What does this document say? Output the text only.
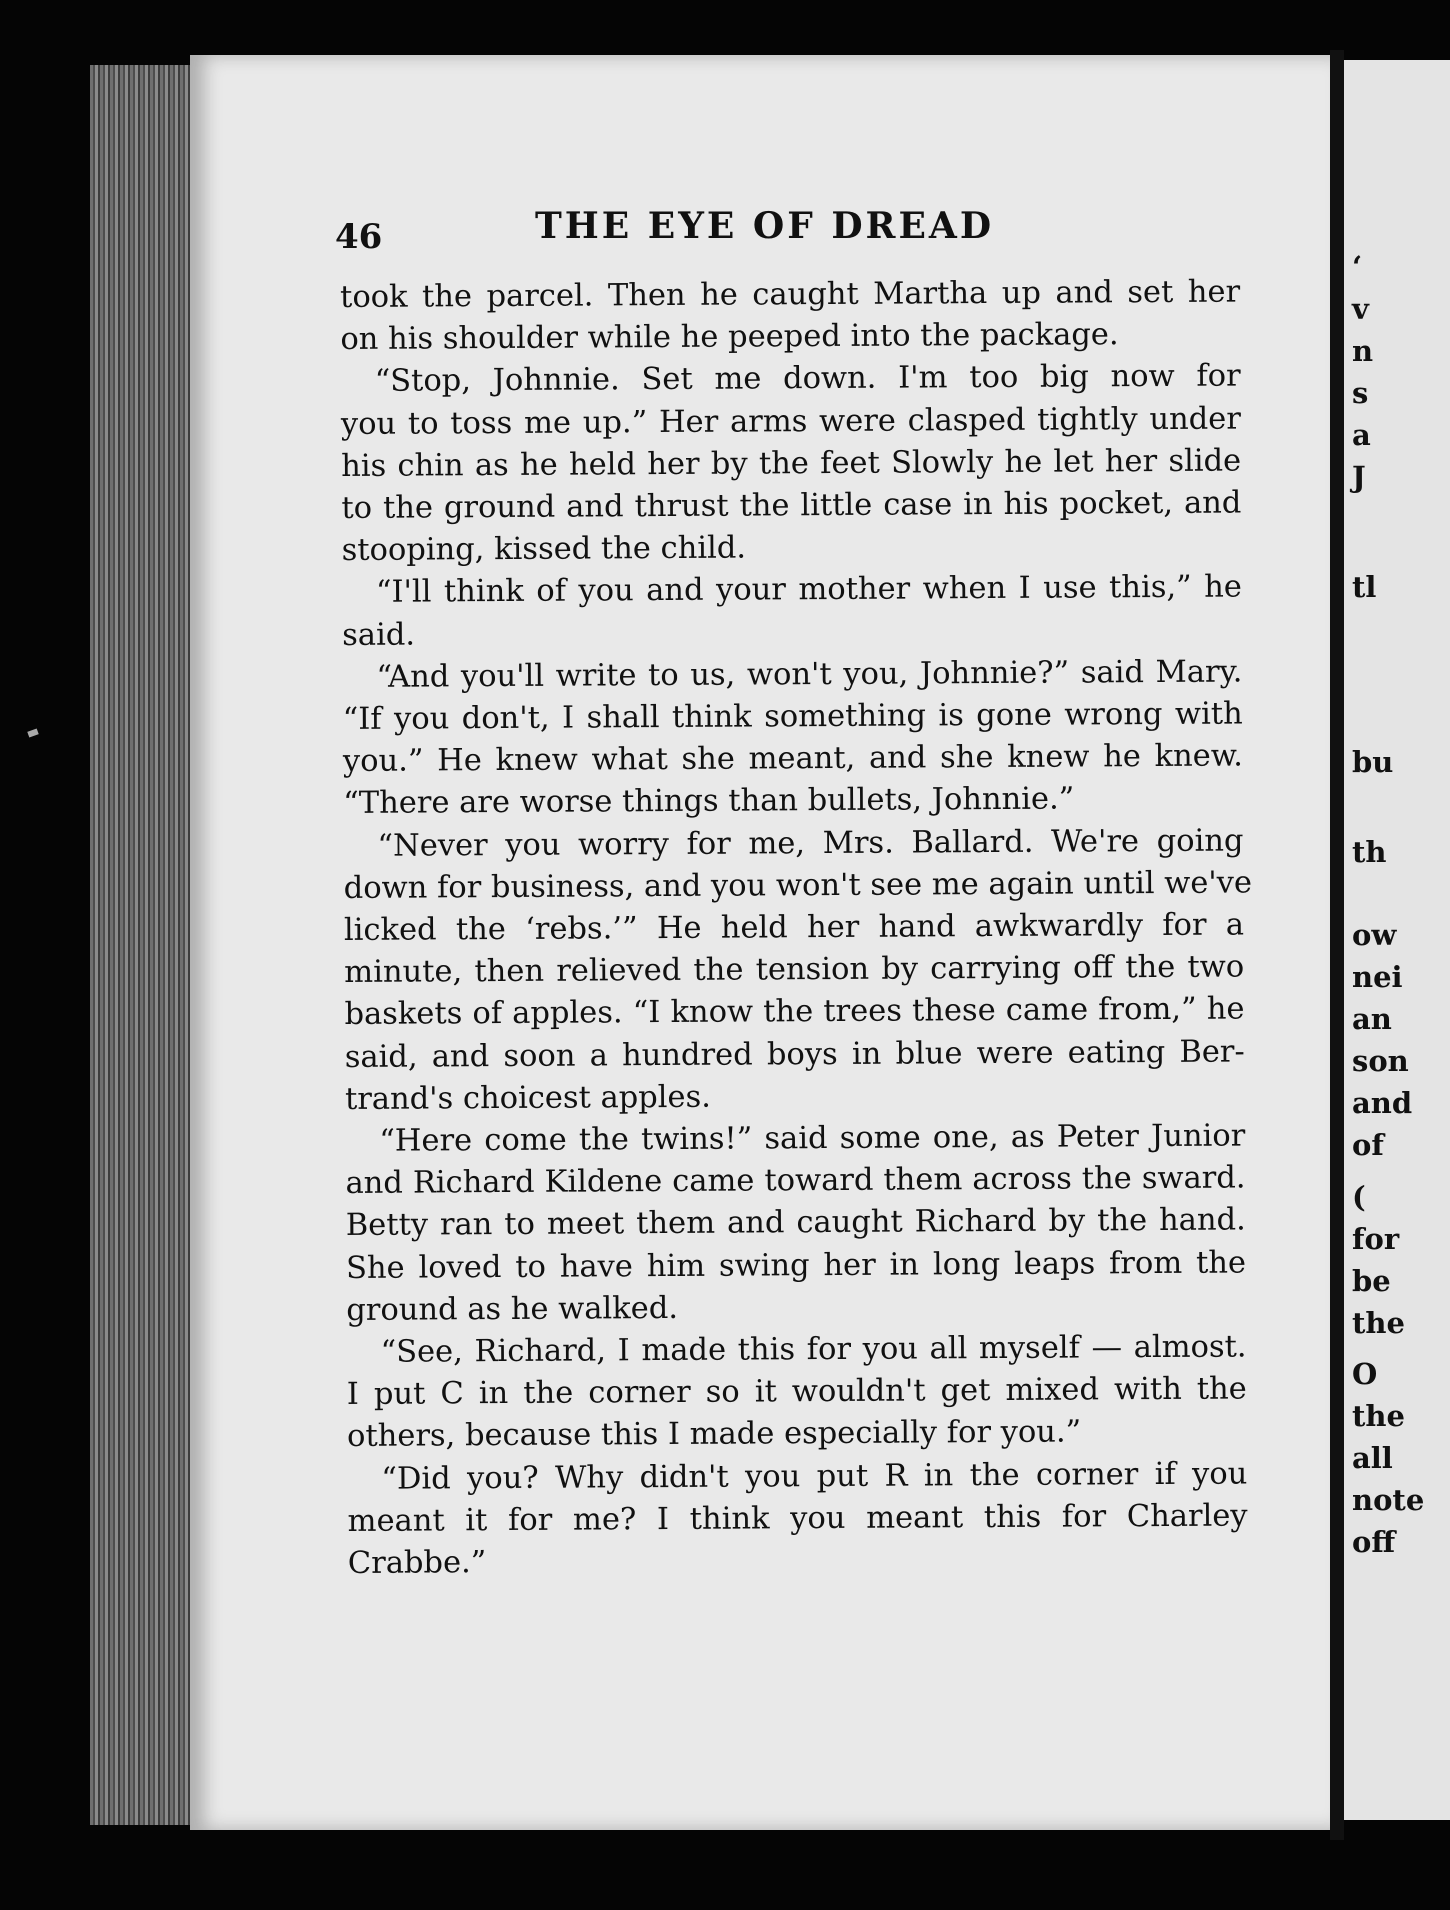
46	THE EYE OF DREAD
took the parcel. Then he caught Martha up and set her
on his shoulder while he peeped into the package.
“Stop, Johnnie. Set me down. I'm too big now for
you to toss me up.” Her arms were clasped tightly under
his chin as he held her by the feet Slowly he let her slide
to the ground and thrust the little case in his pocket, and
stooping, kissed the child.
“I'll think of you and your mother when I use this,” he
said.
“And you'll write to us, won't you, Johnnie?” said Mary.
“If you don't, I shall think something is gone wrong with
you.” He knew what she meant, and she knew he knew.
“There are worse things than bullets, Johnnie.”
“Never you worry for me, Mrs. Ballard. We're going
down for business, and you won't see me again until we've
licked the ‘rebs.’” He held her hand awkwardly for a
minute, then relieved the tension by carrying off the two
baskets of apples. “I know the trees these came from,” he
said, and soon a hundred boys in blue were eating Ber-
trand's choicest apples.
“Here come the twins!” said some one, as Peter Junior
and Richard Kildene came toward them across the sward.
Betty ran to meet them and caught Richard by the hand.
She loved to have him swing her in long leaps from the
ground as he walked.
“See, Richard, I made this for you all myself — almost.
I put C in the corner so it wouldn't get mixed with the
others, because this I made especially for you.”
“Did you? Why didn't you put R in the corner if you
meant it for me? I think you meant this for Charley
Crabbe.”
‘
v
n
s
a
J
tl
bu
th
ow
nei
an
son
and
of
(
for
be
the
O
the
all
note
off
